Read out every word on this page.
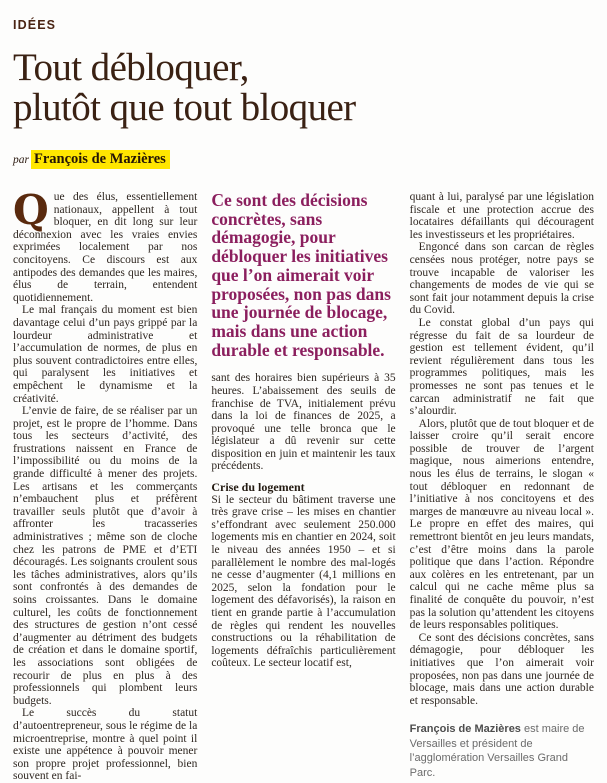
IDÉES
Tout débloquer,
plutôt que tout bloquer
par François de Mazières

Que des élus, essentiellement nationaux, appellent à tout bloquer, en dit long sur leur déconnexion avec les vraies envies exprimées localement par nos concitoyens. Ce discours est aux antipodes des demandes que les maires, élus de terrain, entendent quotidiennement.

Le mal français du moment est bien davantage celui d’un pays grippé par la lourdeur administrative et l’accumulation de normes, de plus en plus souvent contradictoires entre elles, qui paralysent les initiatives et empêchent le dynamisme et la créativité.

L’envie de faire, de se réaliser par un projet, est le propre de l’homme. Dans tous les secteurs d’activité, des frustrations naissent en France de l’impossibilité ou du moins de la grande difficulté à mener des projets. Les artisans et les commerçants n’embauchent plus et préfèrent travailler seuls plutôt que d’avoir à affronter les tracasseries administratives ; même son de cloche chez les patrons de PME et d’ETI découragés. Les soignants croulent sous les tâches administratives, alors qu’ils sont confrontés à des demandes de soins croissantes. Dans le domaine culturel, les coûts de fonctionnement des structures de gestion n’ont cessé d’augmenter au détriment des budgets de création et dans le domaine sportif, les associations sont obligées de recourir de plus en plus à des professionnels qui plombent leurs budgets.

Le succès du statut d’autoentrepreneur, sous le régime de la microentreprise, montre à quel point il existe une appétence à pouvoir mener son propre projet professionnel, bien souvent en fai-

Ce sont des décisions concrètes, sans démagogie, pour débloquer les initiatives que l’on aimerait voir proposées, non pas dans une journée de blocage, mais dans une action durable et responsable.

sant des horaires bien supérieurs à 35 heures. L’abaissement des seuils de franchise de TVA, initialement prévu dans la loi de finances de 2025, a provoqué une telle bronca que le législateur a dû revenir sur cette disposition en juin et maintenir les taux précédents.

Crise du logement

Si le secteur du bâtiment traverse une très grave crise – les mises en chantier s’effondrant avec seulement 250.000 logements mis en chantier en 2024, soit le niveau des années 1950 – et si parallèlement le nombre des mal-logés ne cesse d’augmenter (4,1 millions en 2025, selon la fondation pour le logement des défavorisés), la raison en tient en grande partie à l’accumulation de règles qui rendent les nouvelles constructions ou la réhabilitation de logements défraîchis particulièrement coûteux. Le secteur locatif est,

quant à lui, paralysé par une législation fiscale et une protection accrue des locataires défaillants qui découragent les investisseurs et les propriétaires.

Engoncé dans son carcan de règles censées nous protéger, notre pays se trouve incapable de valoriser les changements de modes de vie qui se sont fait jour notamment depuis la crise du Covid.

Le constat global d’un pays qui régresse du fait de sa lourdeur de gestion est tellement évident, qu’il revient régulièrement dans tous les programmes politiques, mais les promesses ne sont pas tenues et le carcan administratif ne fait que s’alourdir.

Alors, plutôt que de tout bloquer et de laisser croire qu’il serait encore possible de trouver de l’argent magique, nous aimerions entendre, nous les élus de terrains, le slogan « tout débloquer en redonnant de l’initiative à nos concitoyens et des marges de manœuvre au niveau local ». Le propre en effet des maires, qui remettront bientôt en jeu leurs mandats, c’est d’être moins dans la parole politique que dans l’action. Répondre aux colères en les entretenant, par un calcul qui ne cache même plus sa finalité de conquête du pouvoir, n’est pas la solution qu’attendent les citoyens de leurs responsables politiques.

Ce sont des décisions concrètes, sans démagogie, pour débloquer les initiatives que l’on aimerait voir proposées, non pas dans une journée de blocage, mais dans une action durable et responsable.

François de Mazières est maire de Versailles et président de l’agglomération Versailles Grand Parc.
